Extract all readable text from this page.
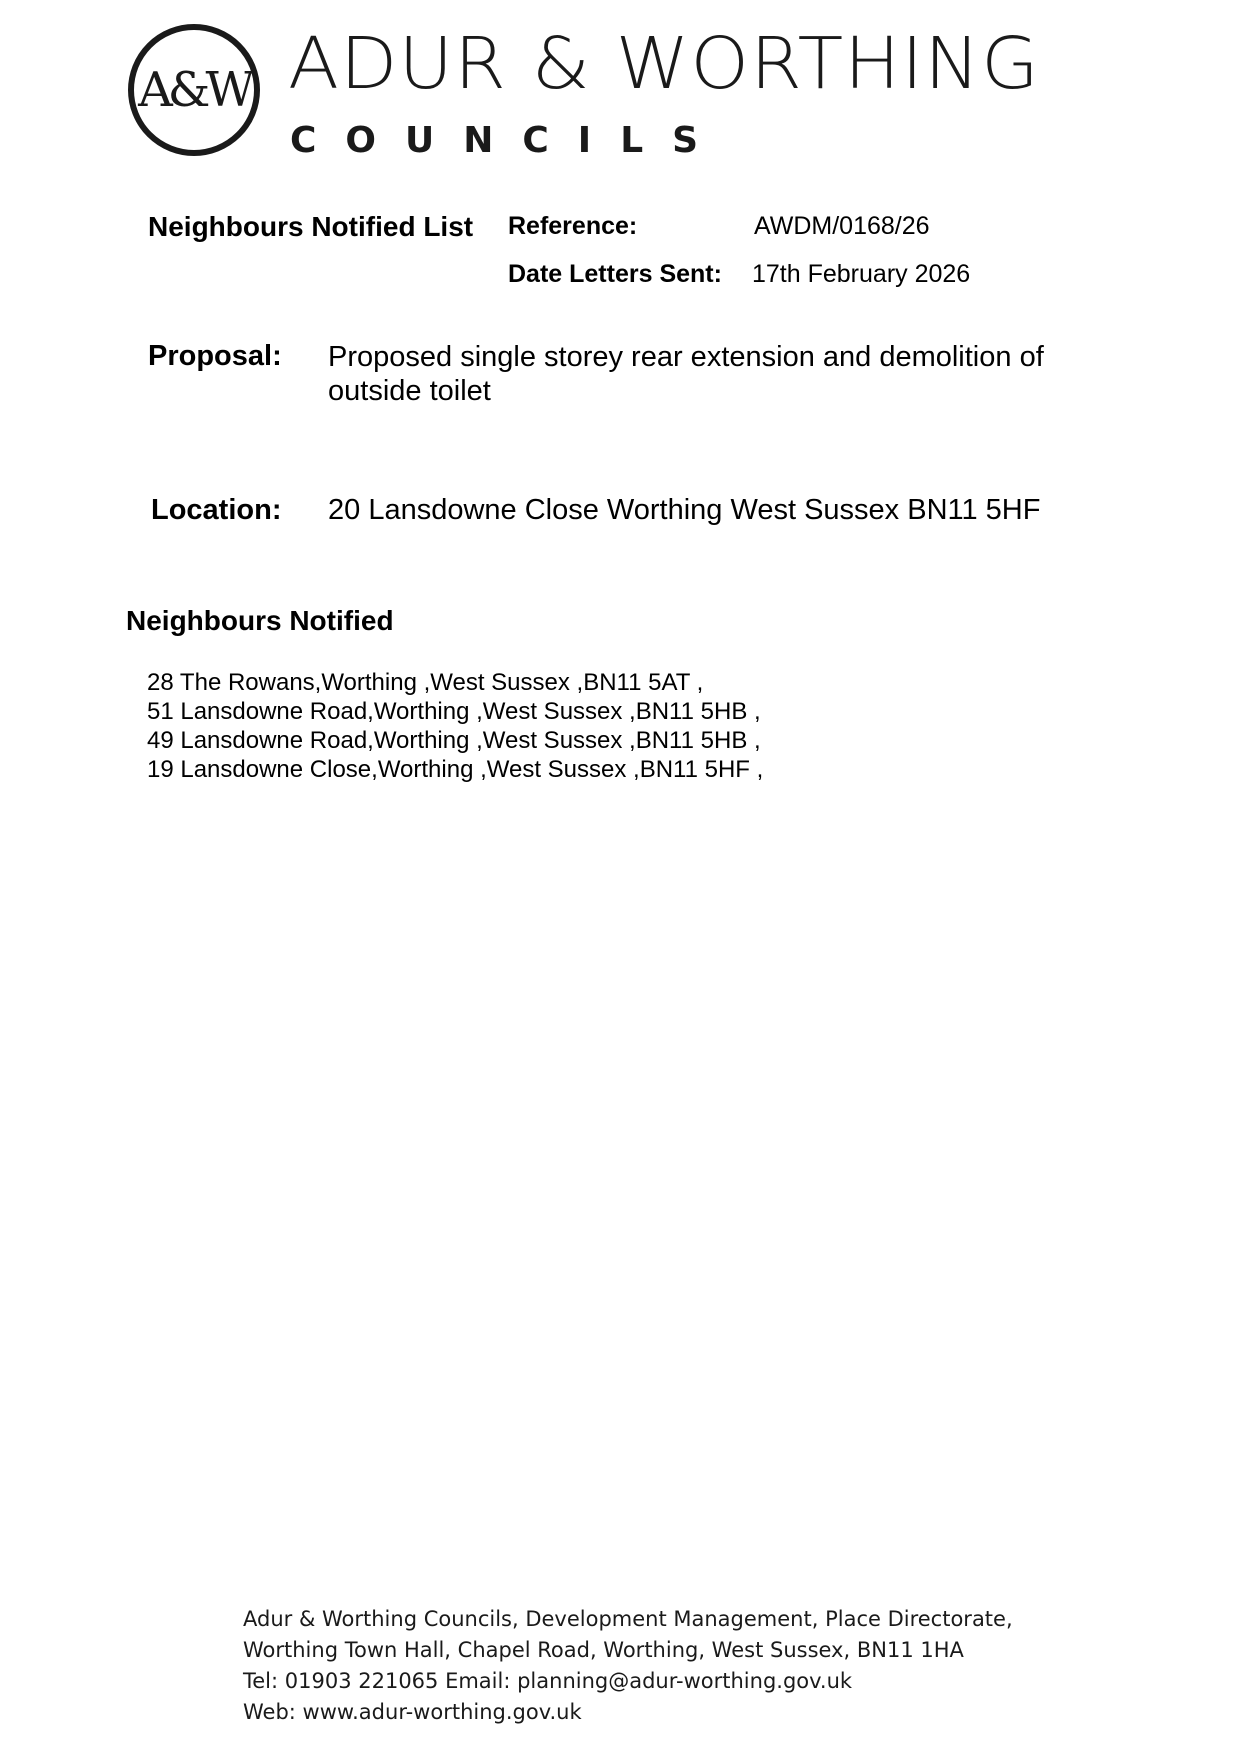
A&W ADUR & WORTHING
COUNCILS
Neighbours Notified List Reference:	AWDM/0168/26
Date Letters Sent: 17th February 2026
Proposal: Proposed single storey rear extension and demolition of outside toilet
Location: 20 Lansdowne Close Worthing West Sussex BN11 5HF
Neighbours Notified
28 The Rowans,Worthing ,West Sussex ,BN11 5AT ,
51 Lansdowne Road,Worthing ,West Sussex ,BN11 5HB ,
49 Lansdowne Road,Worthing ,West Sussex ,BN11 5HB ,
19 Lansdowne Close,Worthing ,West Sussex ,BN11 5HF ,
Adur & Worthing Councils, Development Management, Place Directorate,
Worthing Town Hall, Chapel Road, Worthing, West Sussex, BN11 1HA
Tel: 01903 221065 Email: planning@adur-worthing.gov.uk
Web: www.adur-worthing.gov.uk
